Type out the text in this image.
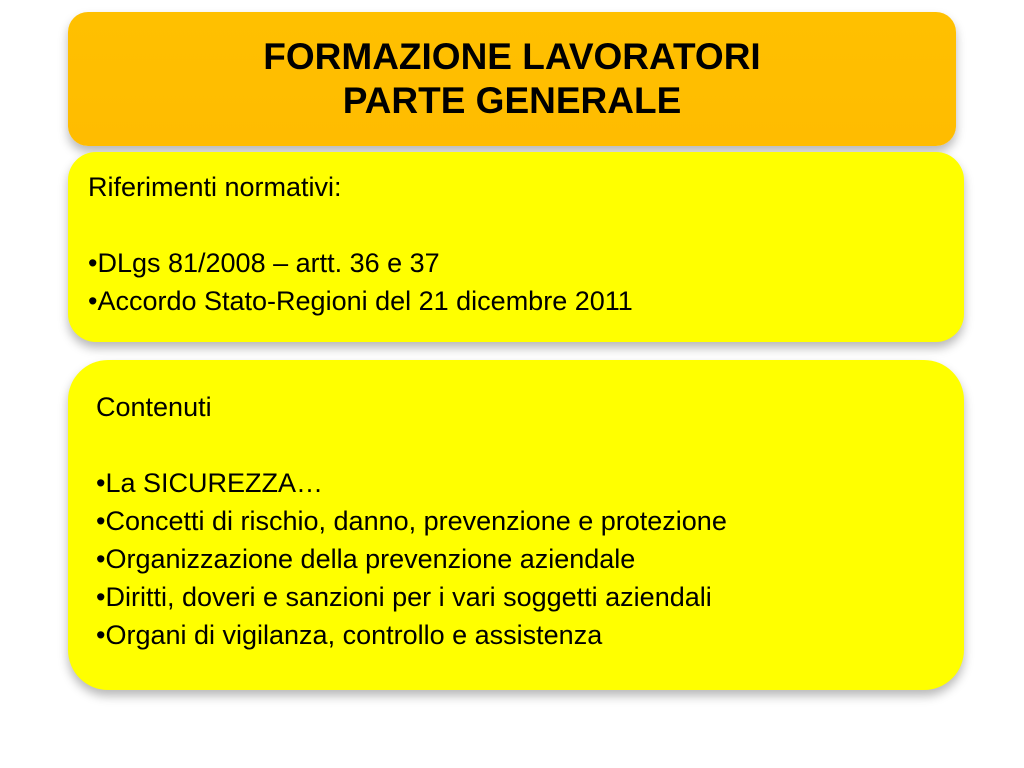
FORMAZIONE LAVORATORI
PARTE GENERALE
Riferimenti normativi:
•DLgs 81/2008 – artt. 36 e 37
•Accordo Stato-Regioni del 21 dicembre 2011
Contenuti
•La SICUREZZA…
•Concetti di rischio, danno, prevenzione e protezione
•Organizzazione della prevenzione aziendale
•Diritti, doveri e sanzioni per i vari soggetti aziendali
•Organi di vigilanza, controllo e assistenza
